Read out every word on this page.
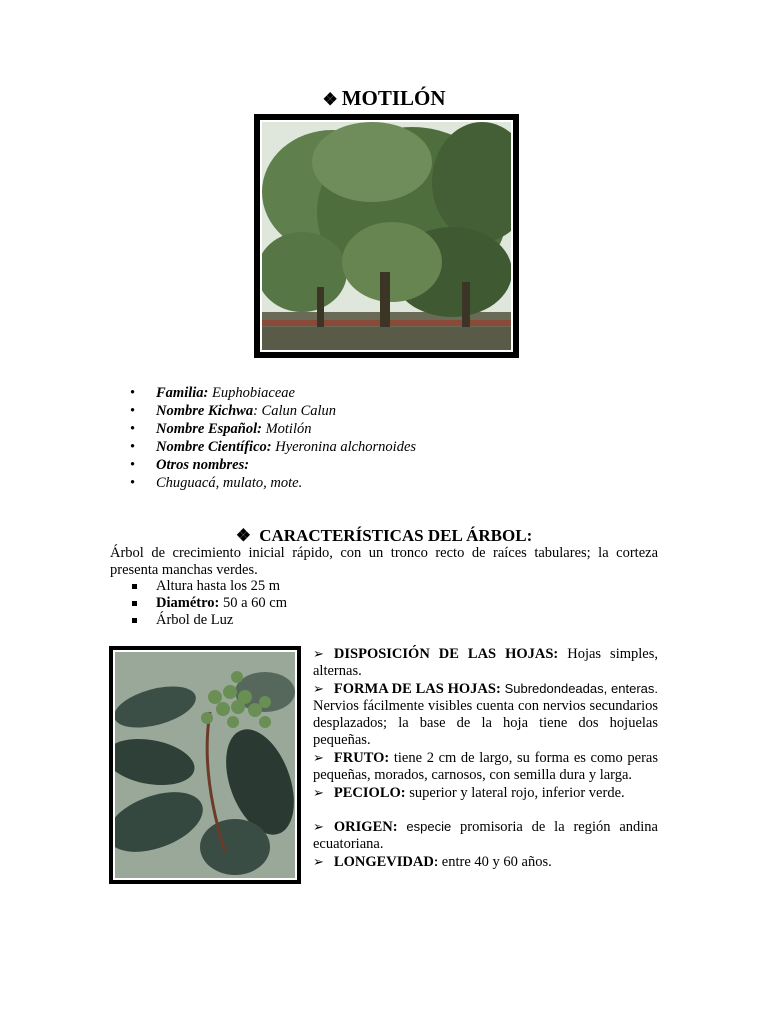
❖ MOTILÓN
• Familia: Euphobiaceae
• Nombre Kichwa: Calun Calun
• Nombre Español: Motilón
• Nombre Científico: Hyeronina alchornoides
• Otros nombres:
• Chuguacá, mulato, mote.
❖ CARACTERÍSTICAS DEL ÁRBOL:
Árbol de crecimiento inicial rápido, con un tronco recto de raíces tabulares; la corteza presenta manchas verdes.
Altura hasta los 25 m
Diamétro: 50 a 60 cm
Árbol de Luz

➢ DISPOSICIÓN DE LAS HOJAS: Hojas simples, alternas.

➢ FORMA DE LAS HOJAS: Subredondeadas, enteras. Nervios fácilmente visibles cuenta con nervios secundarios desplazados; la base de la hoja tiene dos hojuelas pequeñas.

➢ FRUTO: tiene 2 cm de largo, su forma es como peras pequeñas, morados, carnosos, con semilla dura y larga.

➢ PECIOLO: superior y lateral rojo, inferior verde.

➢ ORIGEN: especie promisoria de la región andina ecuatoriana.

➢ LONGEVIDAD: entre 40 y 60 años.
